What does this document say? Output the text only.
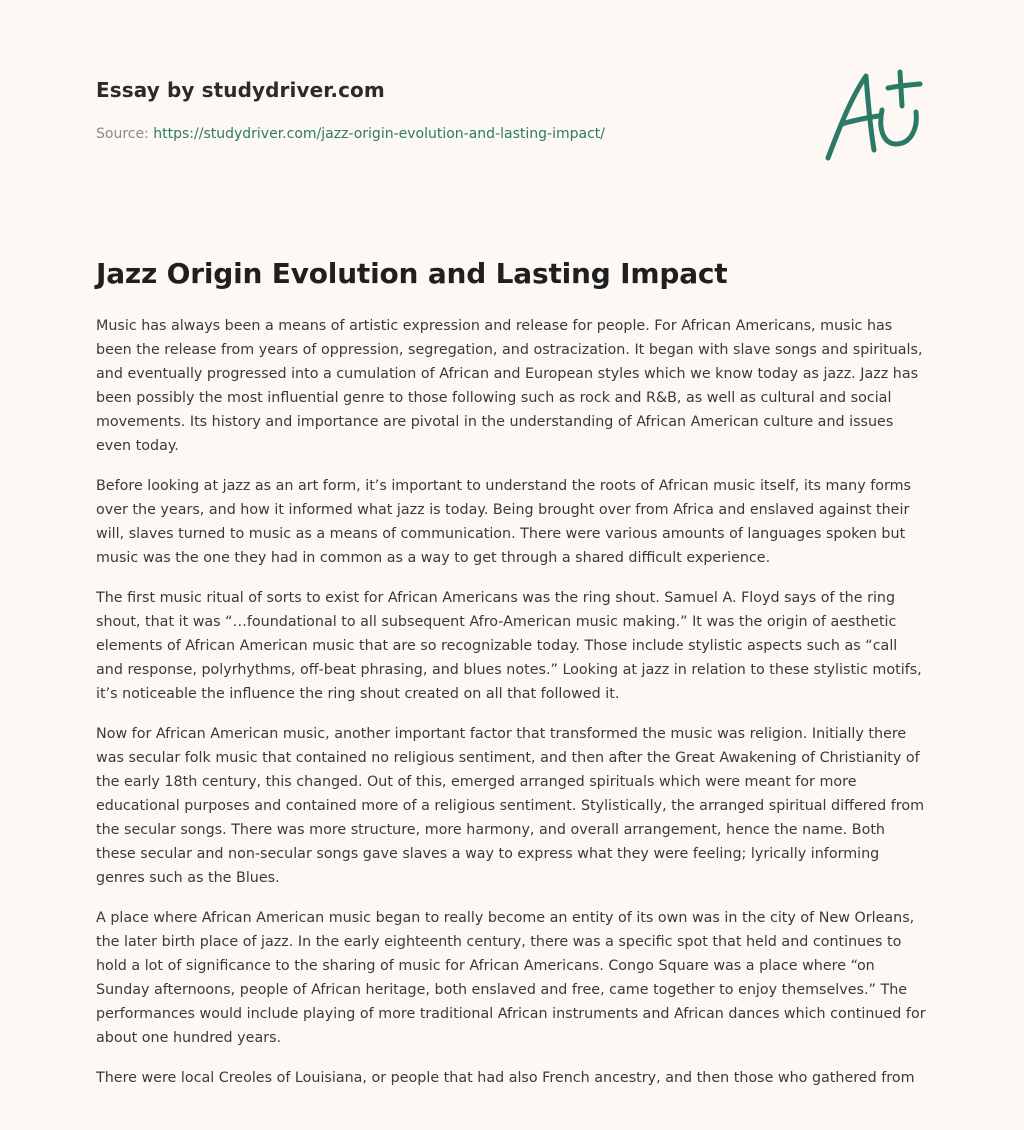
Essay by studydriver.com

Source: https://studydriver.com/jazz-origin-evolution-and-lasting-impact/
Jazz Origin Evolution and Lasting Impact

Music has always been a means of artistic expression and release for people. For African Americans, music has been the release from years of oppression, segregation, and ostracization. It began with slave songs and spirituals, and eventually progressed into a cumulation of African and European styles which we know today as jazz. Jazz has been possibly the most influential genre to those following such as rock and R&B, as well as cultural and social movements. Its history and importance are pivotal in the understanding of African American culture and issues even today.

Before looking at jazz as an art form, it’s important to understand the roots of African music itself, its many forms over the years, and how it informed what jazz is today. Being brought over from Africa and enslaved against their will, slaves turned to music as a means of communication. There were various amounts of languages spoken but music was the one they had in common as a way to get through a shared difficult experience.

The first music ritual of sorts to exist for African Americans was the ring shout. Samuel A. Floyd says of the ring shout, that it was “…foundational to all subsequent Afro-American music making.” It was the origin of aesthetic elements of African American music that are so recognizable today. Those include stylistic aspects such as “call and response, polyrhythms, off-beat phrasing, and blues notes.” Looking at jazz in relation to these stylistic motifs, it’s noticeable the influence the ring shout created on all that followed it.

Now for African American music, another important factor that transformed the music was religion. Initially there was secular folk music that contained no religious sentiment, and then after the Great Awakening of Christianity of the early 18th century, this changed. Out of this, emerged arranged spirituals which were meant for more educational purposes and contained more of a religious sentiment. Stylistically, the arranged spiritual differed from the secular songs. There was more structure, more harmony, and overall arrangement, hence the name. Both these secular and non-secular songs gave slaves a way to express what they were feeling; lyrically informing genres such as the Blues.

A place where African American music began to really become an entity of its own was in the city of New Orleans, the later birth place of jazz. In the early eighteenth century, there was a specific spot that held and continues to hold a lot of significance to the sharing of music for African Americans. Congo Square was a place where “on Sunday afternoons, people of African heritage, both enslaved and free, came together to enjoy themselves.” The performances would include playing of more traditional African instruments and African dances which continued for about one hundred years.

There were local Creoles of Louisiana, or people that had also French ancestry, and then those who gathered from
